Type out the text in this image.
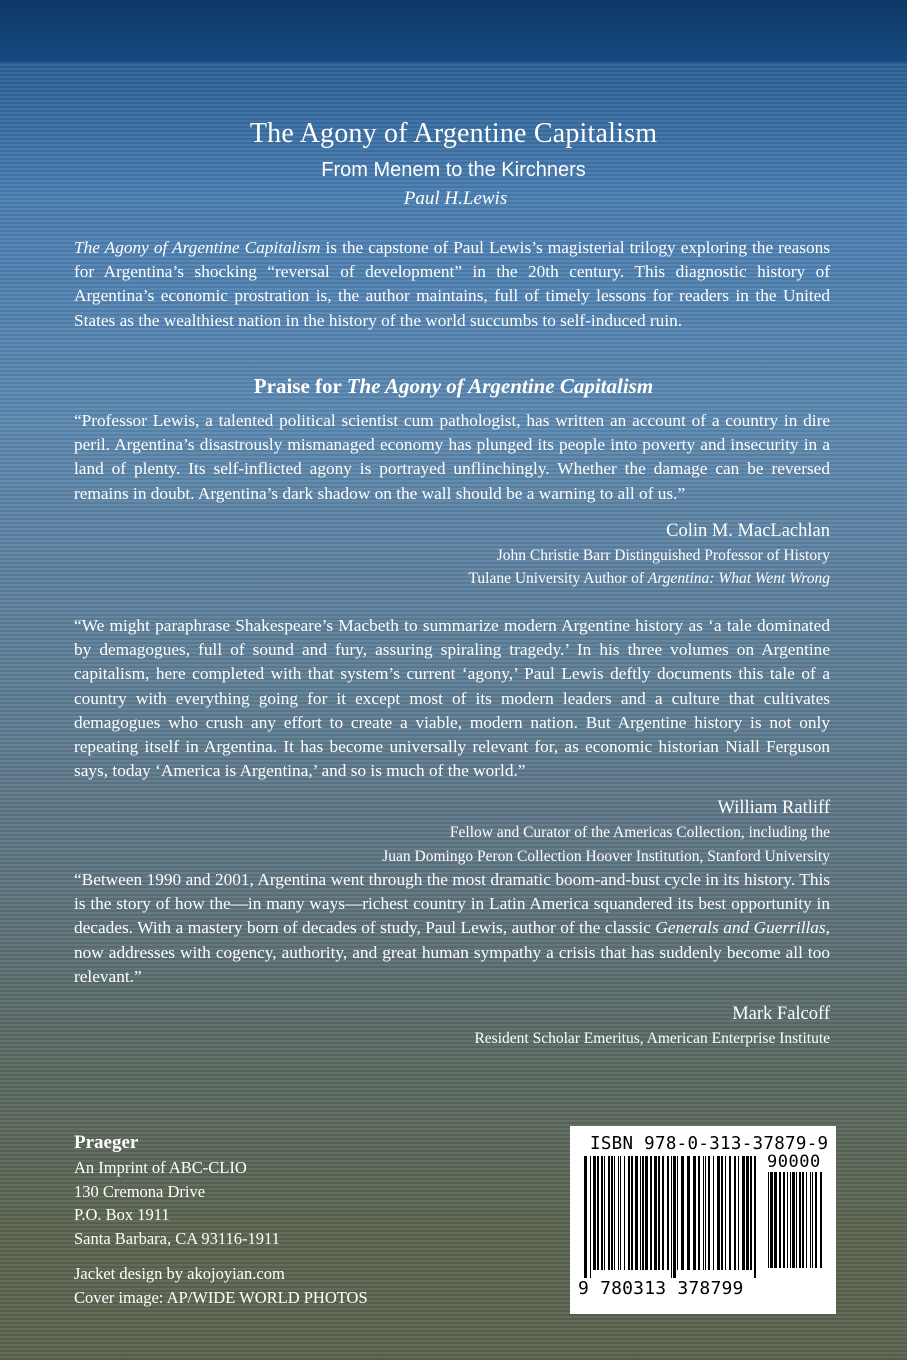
The Agony of Argentine Capitalism
From Menem to the Kirchners
Paul H.Lewis

The Agony of Argentine Capitalism is the capstone of Paul Lewis’s magisterial trilogy exploring the reasons for Argentina’s shocking “reversal of development” in the 20th century. This diagnostic history of Argentina’s economic prostration is, the author maintains, full of timely lessons for readers in the United States as the wealthiest nation in the history of the world succumbs to self-induced ruin.

Praise for The Agony of Argentine Capitalism

“Professor Lewis, a talented political scientist cum pathologist, has written an account of a country in dire peril. Argentina’s disastrously mismanaged economy has plunged its people into poverty and insecurity in a land of plenty. Its self-inflicted agony is portrayed unflinchingly. Whether the damage can be reversed remains in doubt. Argentina’s dark shadow on the wall should be a warning to all of us.”

Colin M. MacLachlan
John Christie Barr Distinguished Professor of History
Tulane University Author of Argentina: What Went Wrong

“We might paraphrase Shakespeare’s Macbeth to summarize modern Argentine history as ‘a tale dominated by demagogues, full of sound and fury, assuring spiraling tragedy.’ In his three volumes on Argentine capitalism, here completed with that system’s current ‘agony,’ Paul Lewis deftly documents this tale of a country with everything going for it except most of its modern leaders and a culture that cultivates demagogues who crush any effort to create a viable, modern nation. But Argentine history is not only repeating itself in Argentina. It has become universally relevant for, as economic historian Niall Ferguson says, today ‘America is Argentina,’ and so is much of the world.”

William Ratliff
Fellow and Curator of the Americas Collection, including the
Juan Domingo Peron Collection Hoover Institution, Stanford University

“Between 1990 and 2001, Argentina went through the most dramatic boom-and-bust cycle in its history. This is the story of how the—in many ways—richest country in Latin America squandered its best opportunity in decades. With a mastery born of decades of study, Paul Lewis, author of the classic Generals and Guerrillas, now addresses with cogency, authority, and great human sympathy a crisis that has suddenly become all too relevant.”

Mark Falcoff
Resident Scholar Emeritus, American Enterprise Institute
Praeger
An Imprint of ABC-CLIO
130 Cremona Drive
P.O. Box 1911
Santa Barbara, CA 93116-1911
Jacket design by akojoyian.com
Cover image: AP/WIDE WORLD PHOTOS
ISBN 978-0-313-37879-9
90000
9 780313 378799
